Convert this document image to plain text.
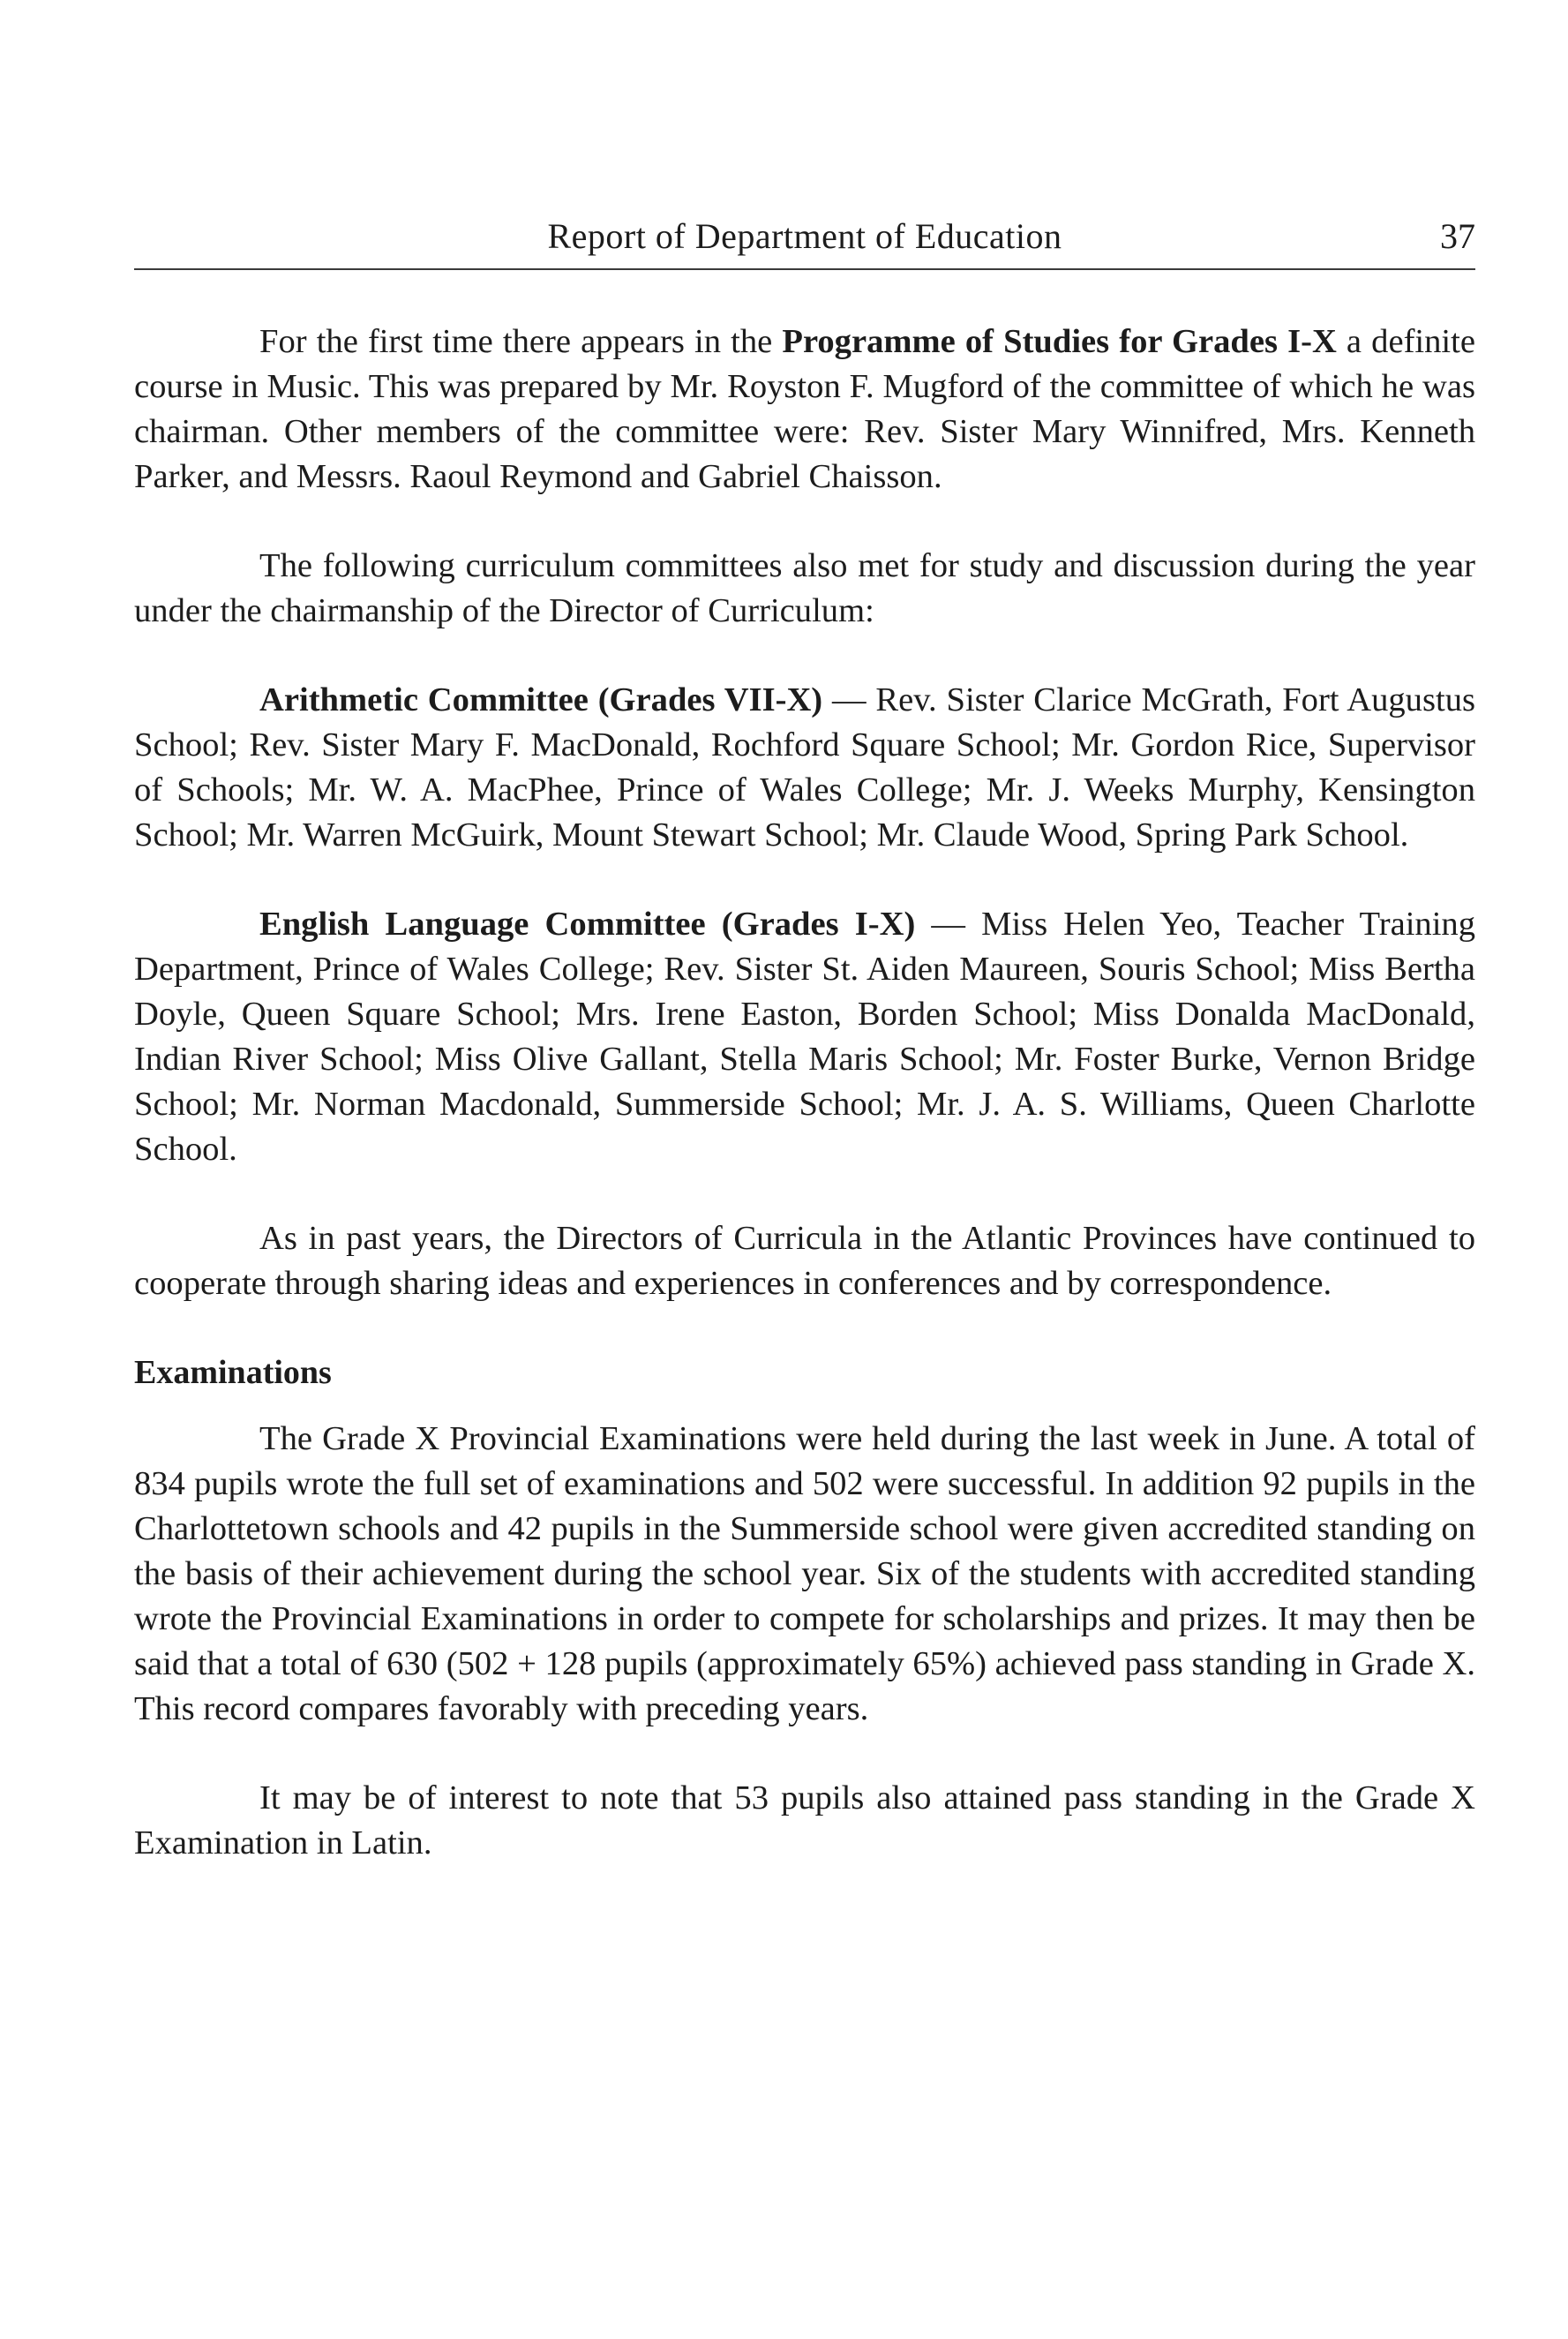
Report of Department of Education	37

For the first time there appears in the Programme of Studies for Grades I-X a definite course in Music. This was prepared by Mr. Royston F. Mugford of the committee of which he was chairman. Other members of the committee were: Rev. Sister Mary Winnifred, Mrs. Kenneth Parker, and Messrs. Raoul Reymond and Gabriel Chaisson.

The following curriculum committees also met for study and discussion during the year under the chairmanship of the Director of Curriculum:

Arithmetic Committee (Grades VII-X) — Rev. Sister Clarice McGrath, Fort Augustus School; Rev. Sister Mary F. MacDonald, Rochford Square School; Mr. Gordon Rice, Supervisor of Schools; Mr. W. A. MacPhee, Prince of Wales College; Mr. J. Weeks Murphy, Kensington School; Mr. Warren McGuirk, Mount Stewart School; Mr. Claude Wood, Spring Park School.

English Language Committee (Grades I-X) — Miss Helen Yeo, Teacher Training Department, Prince of Wales College; Rev. Sister St. Aiden Maureen, Souris School; Miss Bertha Doyle, Queen Square School; Mrs. Irene Easton, Borden School; Miss Donalda MacDonald, Indian River School; Miss Olive Gallant, Stella Maris School; Mr. Foster Burke, Vernon Bridge School; Mr. Norman Macdonald, Summerside School; Mr. J. A. S. Williams, Queen Charlotte School.

As in past years, the Directors of Curricula in the Atlantic Provinces have continued to cooperate through sharing ideas and experiences in conferences and by correspondence.

Examinations

The Grade X Provincial Examinations were held during the last week in June. A total of 834 pupils wrote the full set of examinations and 502 were successful. In addition 92 pupils in the Charlottetown schools and 42 pupils in the Summerside school were given accredited standing on the basis of their achievement during the school year. Six of the students with accredited standing wrote the Provincial Examinations in order to compete for scholarships and prizes. It may then be said that a total of 630 (502 + 128 pupils (approximately 65%) achieved pass standing in Grade X. This record compares favorably with preceding years.

It may be of interest to note that 53 pupils also attained pass standing in the Grade X Examination in Latin.
